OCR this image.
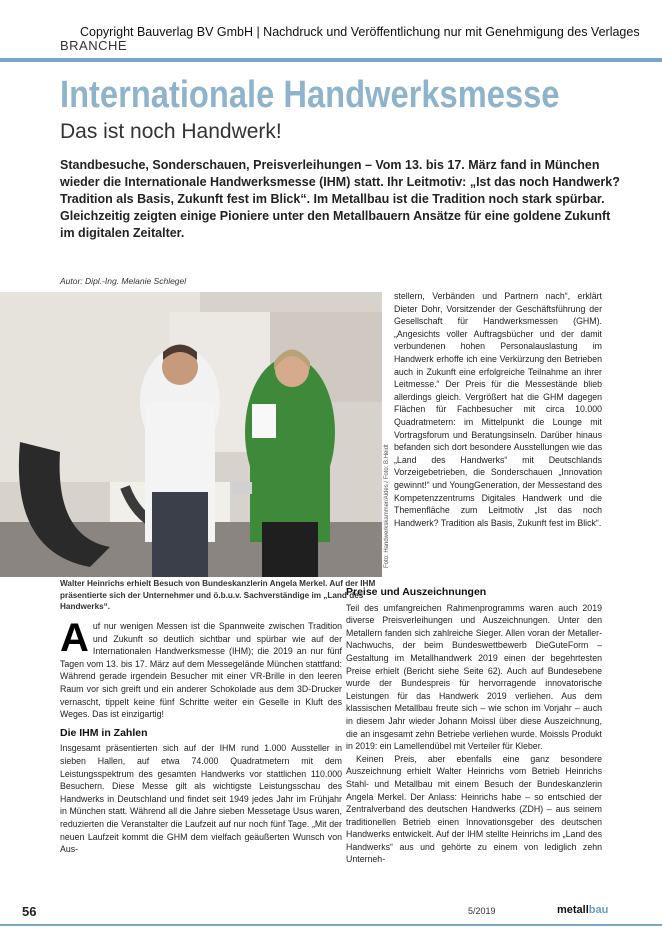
Copyright Bauverlag BV GmbH | Nachdruck und Veröffentlichung nur mit Genehmigung des Verlages
BRANCHE
Internationale Handwerksmesse
Das ist noch Handwerk!
Standbesuche, Sonderschauen, Preisverleihungen – Vom 13. bis 17. März fand in München wieder die Internationale Handwerksmesse (IHM) statt. Ihr Leitmotiv: „Ist das noch Handwerk? Tradition als Basis, Zukunft fest im Blick“. Im Metallbau ist die Tradition noch stark spürbar. Gleichzeitig zeigten einige Pioniere unter den Metallbauern Ansätze für eine goldene Zukunft im digitalen Zeitalter.
Autor: Dipl.-Ing. Melanie Schlegel
Foto: Handwerkskammer/Aldes / Foto: B.Heidt
Walter Heinrichs erhielt Besuch von Bundeskanzlerin Angela Merkel. Auf der IHM präsentierte sich der Unternehmer und ö.b.u.v. Sachverständige im „Land des Handwerks“.

Auf nur wenigen Messen ist die Spannweite zwischen Tradition und Zukunft so deutlich sichtbar und spürbar wie auf der Internationalen Handwerksmesse (IHM); die 2019 an nur fünf Tagen vom 13. bis 17. März auf dem Messegelände München stattfand: Während gerade irgendein Besucher mit einer VR-Brille in den leeren Raum vor sich greift und ein anderer Schokolade aus dem 3D-Drucker vernascht, tippelt keine fünf Schritte weiter ein Geselle in Kluft des Weges. Das ist einzigartig!

Die IHM in Zahlen

Insgesamt präsentierten sich auf der IHM rund 1.000 Aussteller in sieben Hallen, auf etwa 74.000 Quadratmetern mit dem Leistungsspektrum des gesamten Handwerks vor stattlichen 110.000 Besuchern. Diese Messe gilt als wichtigste Leistungsschau des Handwerks in Deutschland und findet seit 1949 jedes Jahr im Frühjahr in München statt. Während all die Jahre sieben Messetage Usus waren, reduzierten die Veranstalter die Laufzeit auf nur noch fünf Tage. „Mit der neuen Laufzeit kommt die GHM dem vielfach geäußerten Wunsch von Aus-

stellern, Verbänden und Partnern nach“, erklärt Dieter Dohr, Vorsitzender der Geschäftsführung der Gesellschaft für Handwerksmessen (GHM). „Angesichts voller Auftragsbücher und der damit verbundenen hohen Personalauslastung im Handwerk erhoffe ich eine Verkürzung den Betrieben auch in Zukunft eine erfolgreiche Teilnahme an ihrer Leitmesse.“ Der Preis für die Messestände blieb allerdings gleich. Vergrößert hat die GHM dagegen Flächen für Fachbesucher mit circa 10.000 Quadratmetern: im Mittelpunkt die Lounge mit Vortragsforum und Beratungsinseln. Darüber hinaus befanden sich dort besondere Ausstellungen wie das „Land des Handwerks“ mit Deutschlands Vorzeigebetrieben, die Sonderschauen „Innovation gewinnt!“ und YoungGeneration, der Messestand des Kompetenzzentrums Digitales Handwerk und die Themenfläche zum Leitmotiv „Ist das noch Handwerk? Tradition als Basis, Zukunft fest im Blick“.

Preise und Auszeichnungen

Teil des umfangreichen Rahmenprogramms waren auch 2019 diverse Preisverleihungen und Auszeichnungen. Unter den Metallern fanden sich zahlreiche Sieger. Allen voran der Metaller-Nachwuchs, der beim Bundeswettbewerb DieGuteForm – Gestaltung im Metallhandwerk 2019 einen der begehrtesten Preise erhielt (Bericht siehe Seite 62). Auch auf Bundesebene wurde der Bundespreis für hervorragende innovatorische Leistungen für das Handwerk 2019 verliehen. Aus dem klassischen Metallbau freute sich – wie schon im Vorjahr – auch in diesem Jahr wieder Johann Moissl über diese Auszeichnung, die an insgesamt zehn Betriebe verliehen wurde. Moissls Produkt in 2019: ein Lamellendübel mit Verteiler für Kleber.

Keinen Preis, aber ebenfalls eine ganz besondere Auszeichnung erhielt Walter Heinrichs vom Betrieb Heinrichs Stahl- und Metallbau mit einem Besuch der Bundeskanzlerin Angela Merkel. Der Anlass: Heinrichs habe – so entschied der Zentralverband des deutschen Handwerks (ZDH) – aus seinem traditionellen Betrieb einen Innovationsgeber des deutschen Handwerks entwickelt. Auf der IHM stellte Heinrichs im „Land des Handwerks“ aus und gehörte zu einem von lediglich zehn Unterneh-

56	5/2019	metallbau
